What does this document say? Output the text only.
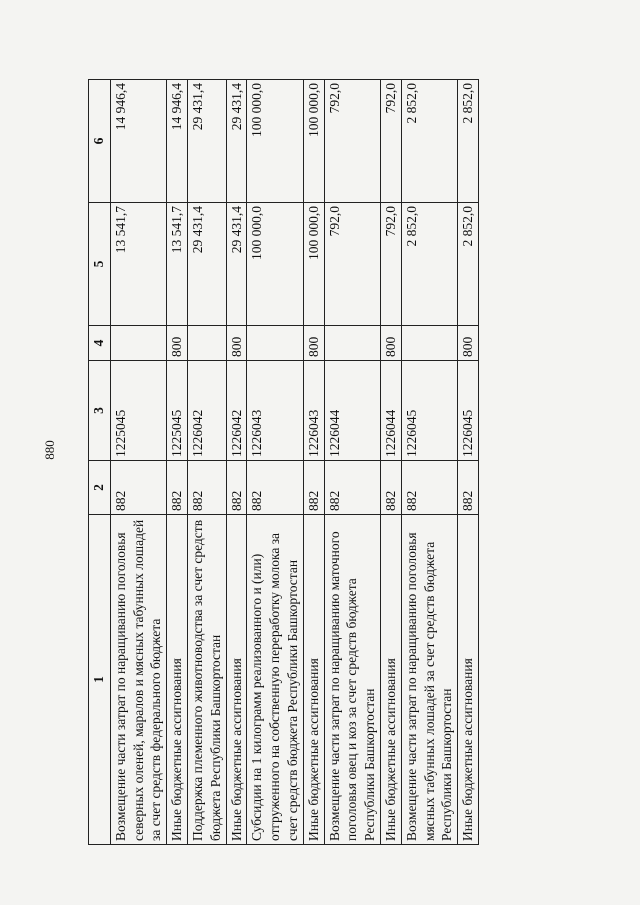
880
1	2	3	4	5	6
Возмещение части затрат по наращиванию поголовья северных оленей, маралов и мясных табунных лошадей за счет средств федерального бюджета	882	1225045		13 541,7	14 946,4
Иные бюджетные ассигнования	882	1225045	800	13 541,7	14 946,4
Поддержка племенного животноводства за счет средств бюджета Республики Башкортостан	882	1226042		29 431,4	29 431,4
Иные бюджетные ассигнования	882	1226042	800	29 431,4	29 431,4
Субсидии на 1 килограмм реализованного и (или) отгруженного на собственную переработку молока за счет средств бюджета Республики Башкортостан	882	1226043		100 000,0	100 000,0
Иные бюджетные ассигнования	882	1226043	800	100 000,0	100 000,0
Возмещение части затрат по наращиванию маточного поголовья овец и коз за счет средств бюджета Республики Башкортостан	882	1226044		792,0	792,0
Иные бюджетные ассигнования	882	1226044	800	792,0	792,0
Возмещение части затрат по наращиванию поголовья мясных табунных лошадей за счет средств бюджета Республики Башкортостан	882	1226045		2 852,0	2 852,0
Иные бюджетные ассигнования	882	1226045	800	2 852,0	2 852,0
